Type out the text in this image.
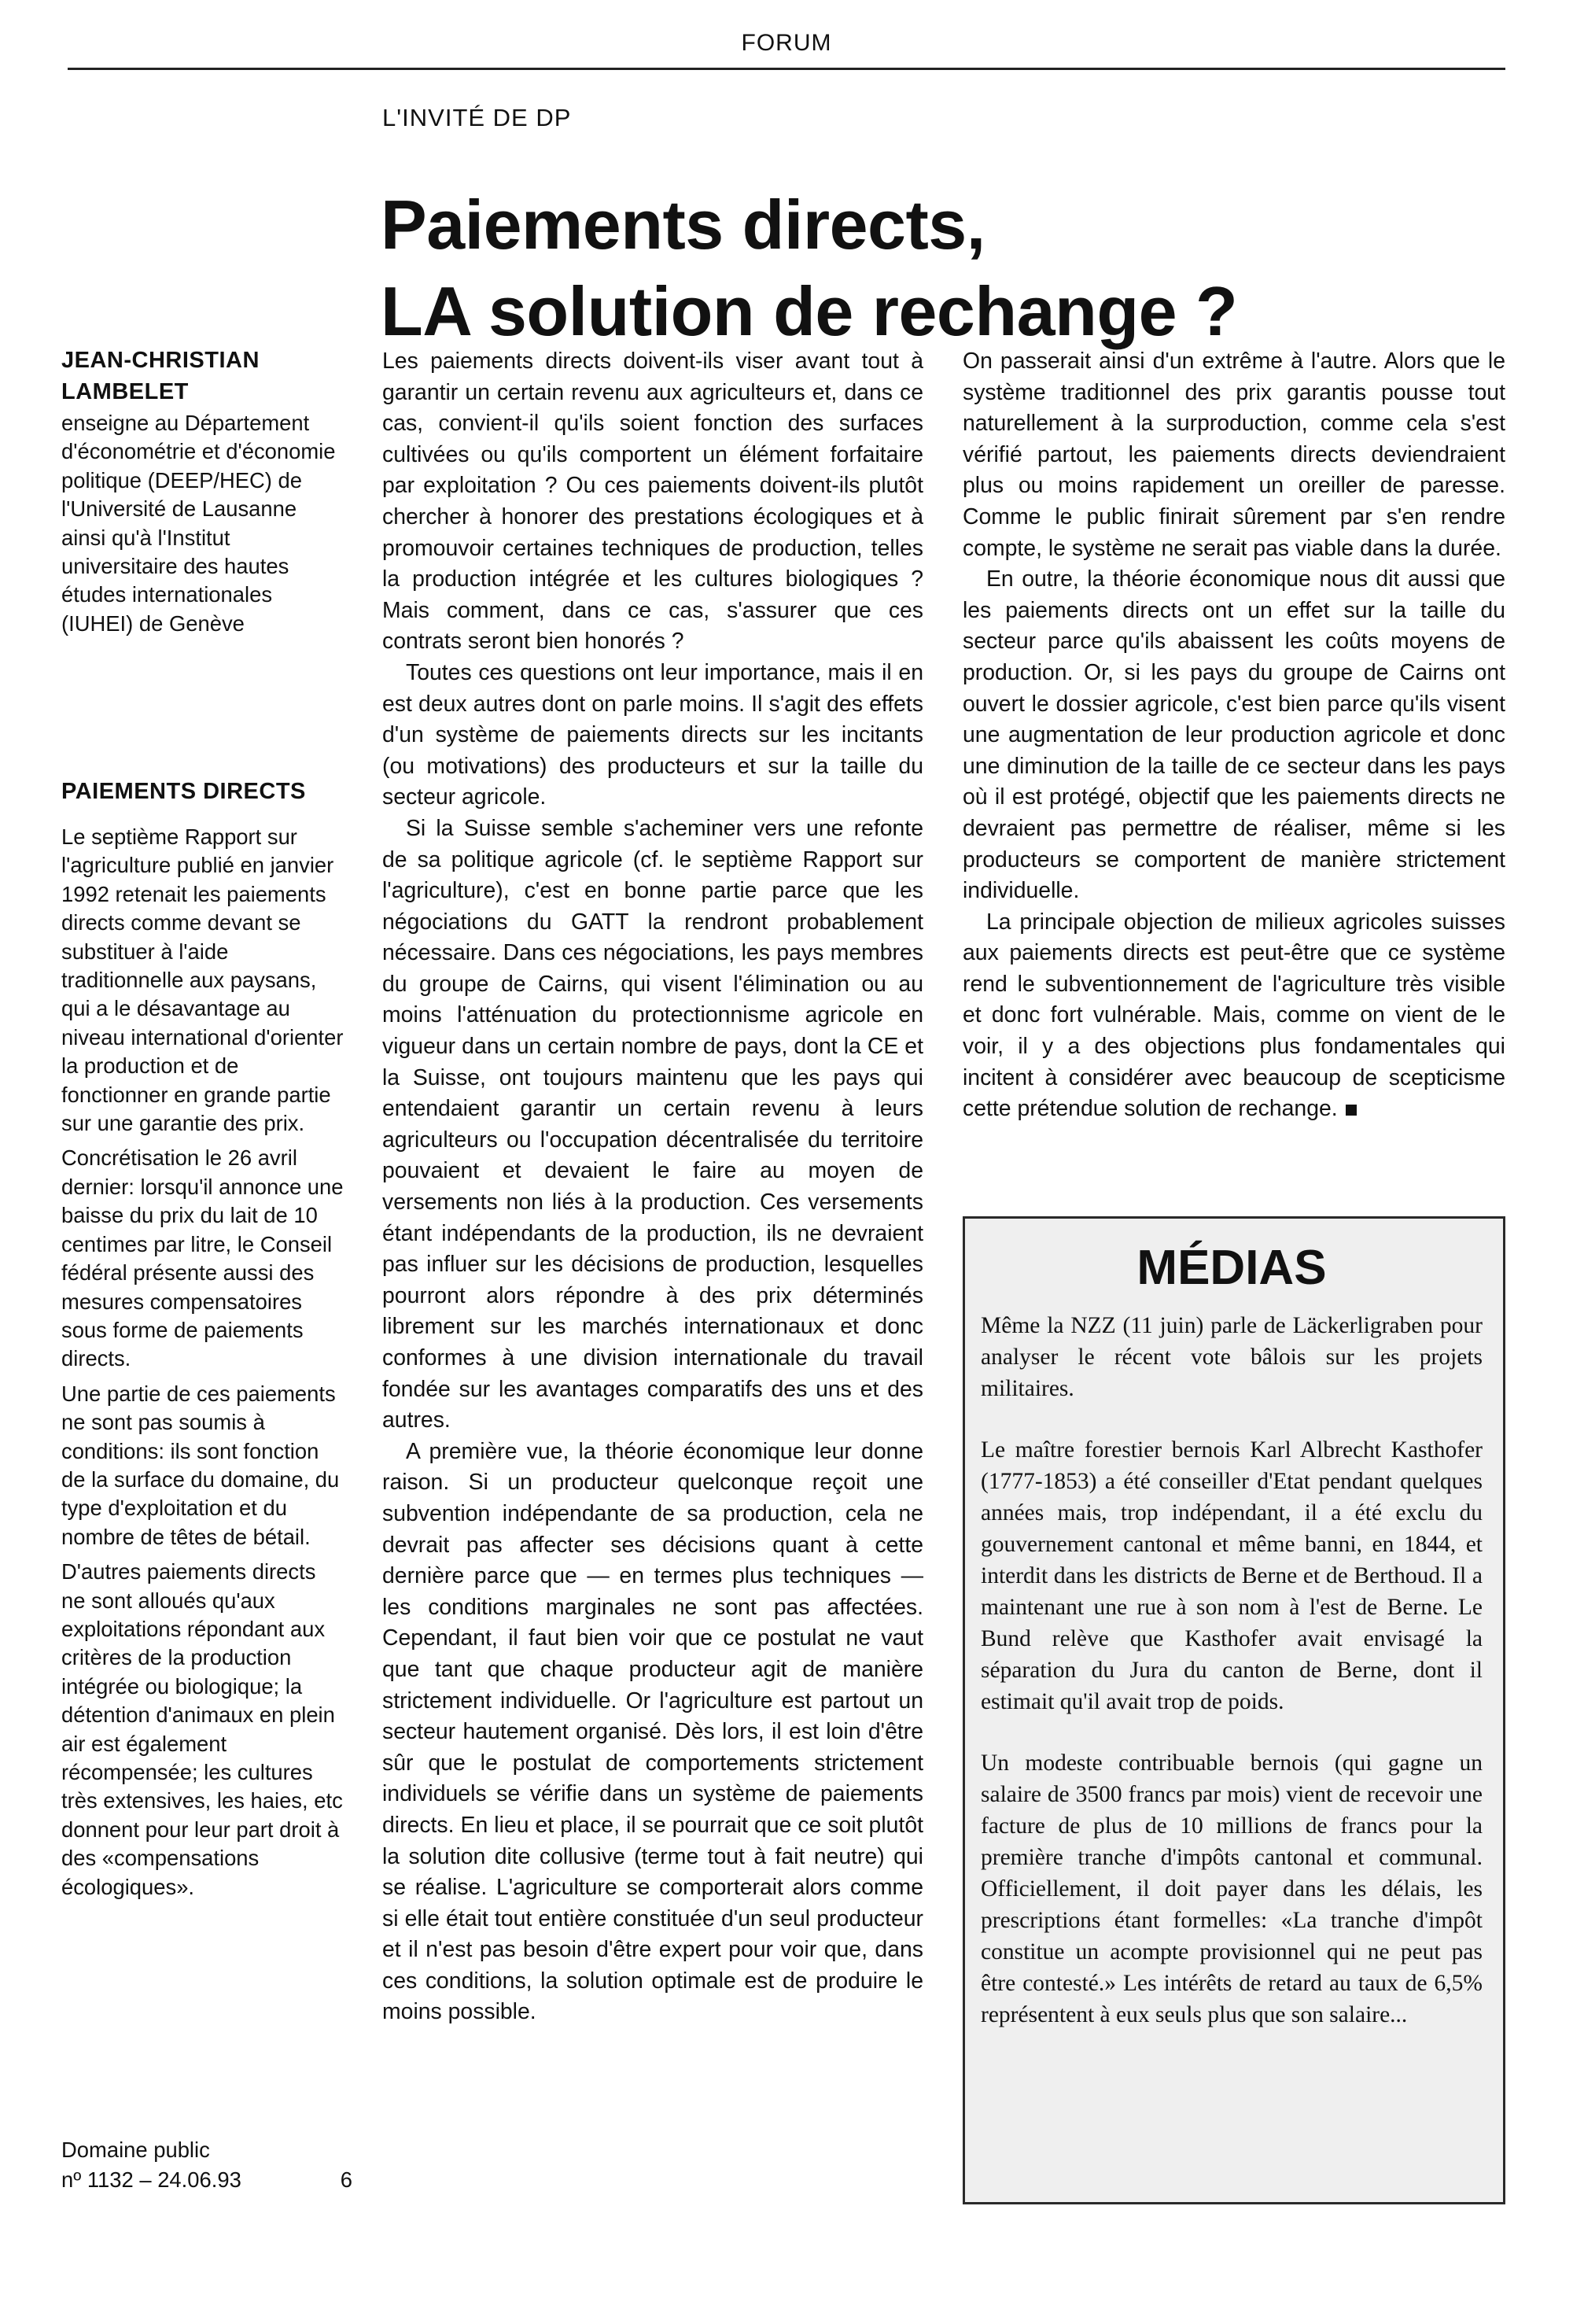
FORUM
L'INVITÉ DE DP
Paiements directs,
LA solution de rechange ?
JEAN-CHRISTIAN LAMBELET
enseigne au Département d'économétrie et d'économie politique (DEEP/HEC) de l'Université de Lausanne ainsi qu'à l'Institut universitaire des hautes études internationales (IUHEI) de Genève
PAIEMENTS DIRECTS

Le septième Rapport sur l'agriculture publié en janvier 1992 retenait les paiements directs comme devant se substituer à l'aide traditionnelle aux paysans, qui a le désavantage au niveau international d'orienter la production et de fonctionner en grande partie sur une garantie des prix.

Concrétisation le 26 avril dernier: lorsqu'il annonce une baisse du prix du lait de 10 centimes par litre, le Conseil fédéral présente aussi des mesures compensatoires sous forme de paiements directs.

Une partie de ces paiements ne sont pas soumis à conditions: ils sont fonction de la surface du domaine, du type d'exploitation et du nombre de têtes de bétail.

D'autres paiements directs ne sont alloués qu'aux exploitations répondant aux critères de la production intégrée ou biologique; la détention d'animaux en plein air est également récompensée; les cultures très extensives, les haies, etc donnent pour leur part droit à des «compensations écologiques».

Domaine public
nº 1132 – 24.06.93	6

Les paiements directs doivent-ils viser avant tout à garantir un certain revenu aux agriculteurs et, dans ce cas, convient-il qu'ils soient fonction des surfaces cultivées ou qu'ils comportent un élément forfaitaire par exploitation ? Ou ces paiements doivent-ils plutôt chercher à honorer des prestations écologiques et à promouvoir certaines techniques de production, telles la production intégrée et les cultures biologiques ? Mais comment, dans ce cas, s'assurer que ces contrats seront bien honorés ?

Toutes ces questions ont leur importance, mais il en est deux autres dont on parle moins. Il s'agit des effets d'un système de paiements directs sur les incitants (ou motivations) des producteurs et sur la taille du secteur agricole.

Si la Suisse semble s'acheminer vers une refonte de sa politique agricole (cf. le septième Rapport sur l'agriculture), c'est en bonne partie parce que les négociations du GATT la rendront probablement nécessaire. Dans ces négociations, les pays membres du groupe de Cairns, qui visent l'élimination ou au moins l'atténuation du protectionnisme agricole en vigueur dans un certain nombre de pays, dont la CE et la Suisse, ont toujours maintenu que les pays qui entendaient garantir un certain revenu à leurs agriculteurs ou l'occupation décentralisée du territoire pouvaient et devaient le faire au moyen de versements non liés à la production. Ces versements étant indépendants de la production, ils ne devraient pas influer sur les décisions de production, lesquelles pourront alors répondre à des prix déterminés librement sur les marchés internationaux et donc conformes à une division internationale du travail fondée sur les avantages comparatifs des uns et des autres.

A première vue, la théorie économique leur donne raison. Si un producteur quelconque reçoit une subvention indépendante de sa production, cela ne devrait pas affecter ses décisions quant à cette dernière parce que — en termes plus techniques — les conditions marginales ne sont pas affectées. Cependant, il faut bien voir que ce postulat ne vaut que tant que chaque producteur agit de manière strictement individuelle. Or l'agriculture est partout un secteur hautement organisé. Dès lors, il est loin d'être sûr que le postulat de comportements strictement individuels se vérifie dans un système de paiements directs. En lieu et place, il se pourrait que ce soit plutôt la solution dite collusive (terme tout à fait neutre) qui se réalise. L'agriculture se comporterait alors comme si elle était tout entière constituée d'un seul producteur et il n'est pas besoin d'être expert pour voir que, dans ces conditions, la solution optimale est de produire le moins possible.

On passerait ainsi d'un extrême à l'autre. Alors que le système traditionnel des prix garantis pousse tout naturellement à la surproduction, comme cela s'est vérifié partout, les paiements directs deviendraient plus ou moins rapidement un oreiller de paresse. Comme le public finirait sûrement par s'en rendre compte, le système ne serait pas viable dans la durée.

En outre, la théorie économique nous dit aussi que les paiements directs ont un effet sur la taille du secteur parce qu'ils abaissent les coûts moyens de production. Or, si les pays du groupe de Cairns ont ouvert le dossier agricole, c'est bien parce qu'ils visent une augmentation de leur production agricole et donc une diminution de la taille de ce secteur dans les pays où il est protégé, objectif que les paiements directs ne devraient pas permettre de réaliser, même si les producteurs se comportent de manière strictement individuelle.

La principale objection de milieux agricoles suisses aux paiements directs est peut-être que ce système rend le subventionnement de l'agriculture très visible et donc fort vulnérable. Mais, comme on vient de le voir, il y a des objections plus fondamentales qui incitent à considérer avec beaucoup de scepticisme cette prétendue solution de rechange.

MÉDIAS

Même la NZZ (11 juin) parle de Läckerligraben pour analyser le récent vote bâlois sur les projets militaires.

Le maître forestier bernois Karl Albrecht Kasthofer (1777-1853) a été conseiller d'Etat pendant quelques années mais, trop indépendant, il a été exclu du gouvernement cantonal et même banni, en 1844, et interdit dans les districts de Berne et de Berthoud. Il a maintenant une rue à son nom à l'est de Berne. Le Bund relève que Kasthofer avait envisagé la séparation du Jura du canton de Berne, dont il estimait qu'il avait trop de poids.

Un modeste contribuable bernois (qui gagne un salaire de 3500 francs par mois) vient de recevoir une facture de plus de 10 millions de francs pour la première tranche d'impôts cantonal et communal. Officiellement, il doit payer dans les délais, les prescriptions étant formelles: «La tranche d'impôt constitue un acompte provisionnel qui ne peut pas être contesté.» Les intérêts de retard au taux de 6,5% représentent à eux seuls plus que son salaire...
